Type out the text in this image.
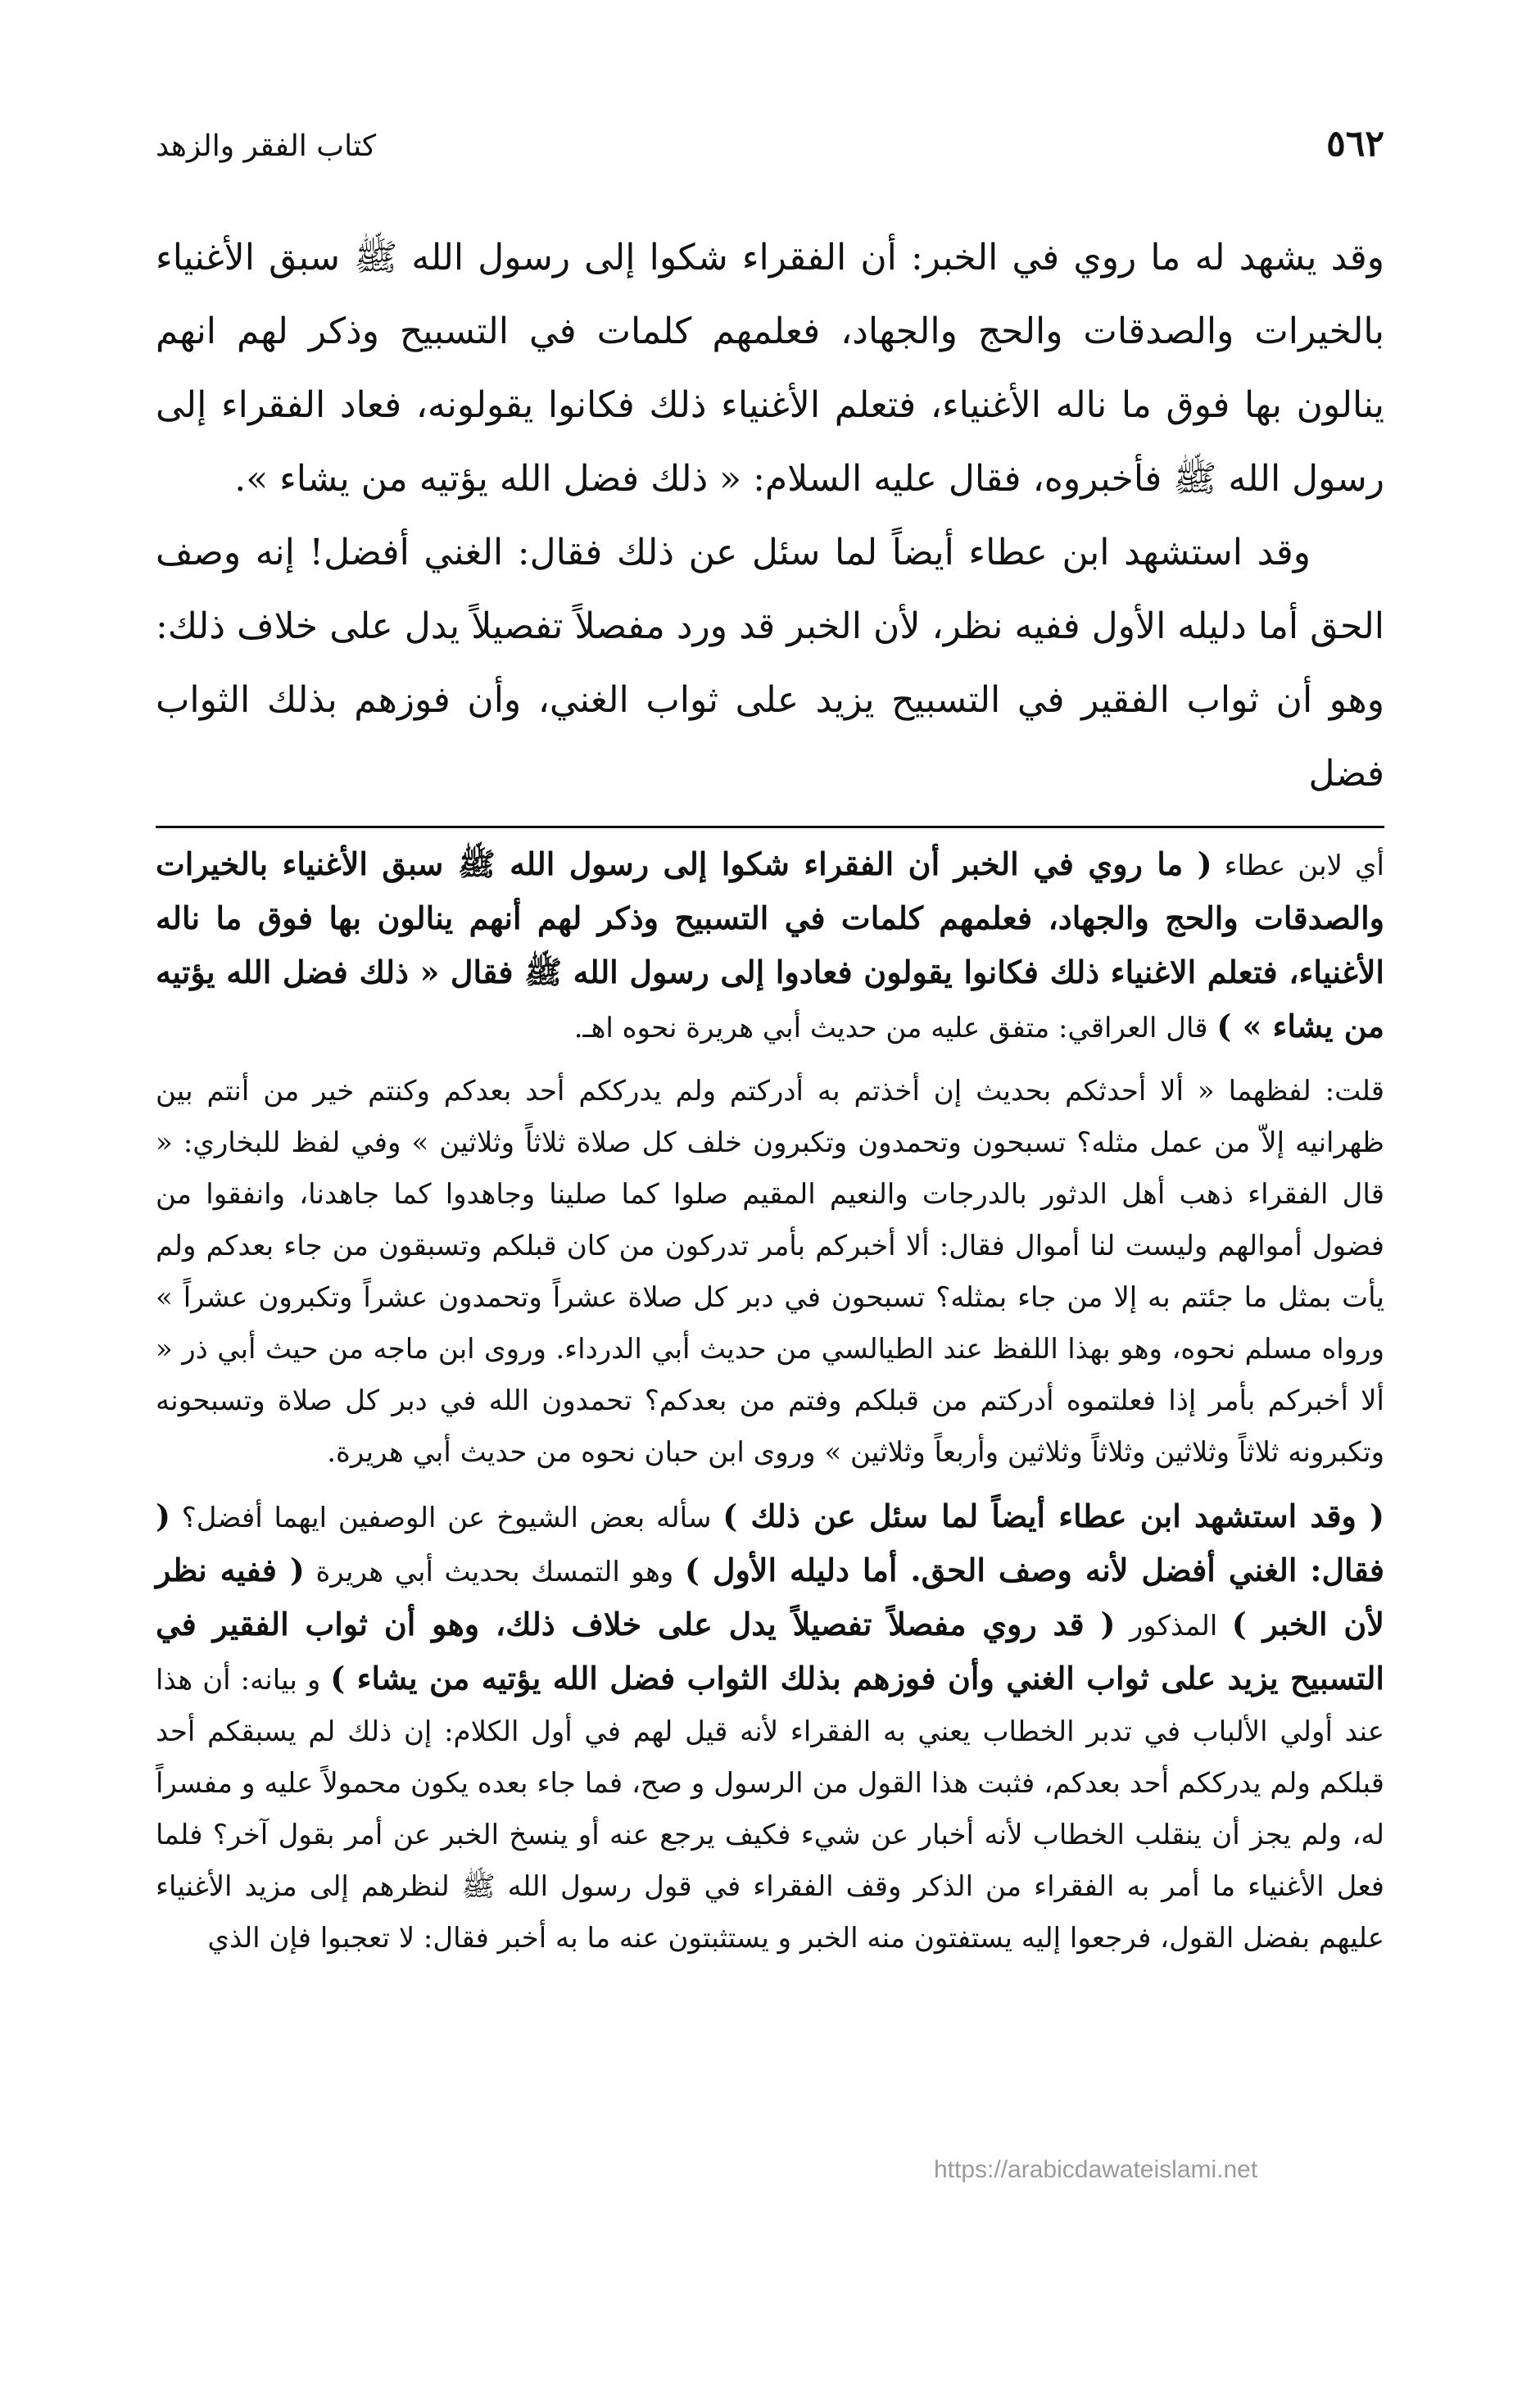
٥٦٢
كتاب الفقر والزهد

وقد يشهد له ما روي في الخبر: أن الفقراء شكوا إلى رسول الله ﷺ سبق الأغنياء بالخيرات والصدقات والحج والجهاد، فعلمهم كلمات في التسبيح وذكر لهم انهم ينالون بها فوق ما ناله الأغنياء، فتعلم الأغنياء ذلك فكانوا يقولونه، فعاد الفقراء إلى رسول الله ﷺ فأخبروه، فقال عليه السلام: « ذلك فضل الله يؤتيه من يشاء ».

وقد استشهد ابن عطاء أيضاً لما سئل عن ذلك فقال: الغني أفضل! إنه وصف الحق أما دليله الأول ففيه نظر، لأن الخبر قد ورد مفصلاً تفصيلاً يدل على خلاف ذلك: وهو أن ثواب الفقير في التسبيح يزيد على ثواب الغني، وأن فوزهم بذلك الثواب فضل

أي لابن عطاء ( ما روي في الخبر أن الفقراء شكوا إلى رسول الله ﷺ سبق الأغنياء بالخيرات والصدقات والحج والجهاد، فعلمهم كلمات في التسبيح وذكر لهم أنهم ينالون بها فوق ما ناله الأغنياء، فتعلم الاغنياء ذلك فكانوا يقولون فعادوا إلى رسول الله ﷺ فقال « ذلك فضل الله يؤتيه من يشاء » ) قال العراقي: متفق عليه من حديث أبي هريرة نحوه اهـ.

قلت: لفظهما « ألا أحدثكم بحديث إن أخذتم به أدركتم ولم يدرككم أحد بعدكم وكنتم خير من أنتم بين ظهرانيه إلاّ من عمل مثله؟ تسبحون وتحمدون وتكبرون خلف كل صلاة ثلاثاً وثلاثين » وفي لفظ للبخاري: « قال الفقراء ذهب أهل الدثور بالدرجات والنعيم المقيم صلوا كما صلينا وجاهدوا كما جاهدنا، وانفقوا من فضول أموالهم وليست لنا أموال فقال: ألا أخبركم بأمر تدركون من كان قبلكم وتسبقون من جاء بعدكم ولم يأت بمثل ما جئتم به إلا من جاء بمثله؟ تسبحون في دبر كل صلاة عشراً وتحمدون عشراً وتكبرون عشراً » ورواه مسلم نحوه، وهو بهذا اللفظ عند الطيالسي من حديث أبي الدرداء. وروى ابن ماجه من حيث أبي ذر « ألا أخبركم بأمر إذا فعلتموه أدركتم من قبلكم وفتم من بعدكم؟ تحمدون الله في دبر كل صلاة وتسبحونه وتكبرونه ثلاثاً وثلاثين وثلاثاً وثلاثين وأربعاً وثلاثين » وروى ابن حبان نحوه من حديث أبي هريرة.

( وقد استشهد ابن عطاء أيضاً لما سئل عن ذلك ) سأله بعض الشيوخ عن الوصفين ايهما أفضل؟ ( فقال: الغني أفضل لأنه وصف الحق. أما دليله الأول ) وهو التمسك بحديث أبي هريرة ( ففيه نظر لأن الخبر ) المذكور ( قد روي مفصلاً تفصيلاً يدل على خلاف ذلك، وهو أن ثواب الفقير في التسبيح يزيد على ثواب الغني وأن فوزهم بذلك الثواب فضل الله يؤتيه من يشاء ) و بيانه: أن هذا عند أولي الألباب في تدبر الخطاب يعني به الفقراء لأنه قيل لهم في أول الكلام: إن ذلك لم يسبقكم أحد قبلكم ولم يدرككم أحد بعدكم، فثبت هذا القول من الرسول و صح، فما جاء بعده يكون محمولاً عليه و مفسراً له، ولم يجز أن ينقلب الخطاب لأنه أخبار عن شيء فكيف يرجع عنه أو ينسخ الخبر عن أمر بقول آخر؟ فلما فعل الأغنياء ما أمر به الفقراء من الذكر وقف الفقراء في قول رسول الله ﷺ لنظرهم إلى مزيد الأغنياء عليهم بفضل القول، فرجعوا إليه يستفتون منه الخبر و يستثبتون عنه ما به أخبر فقال: لا تعجبوا فإن الذي

https://arabicdawateislami.net
